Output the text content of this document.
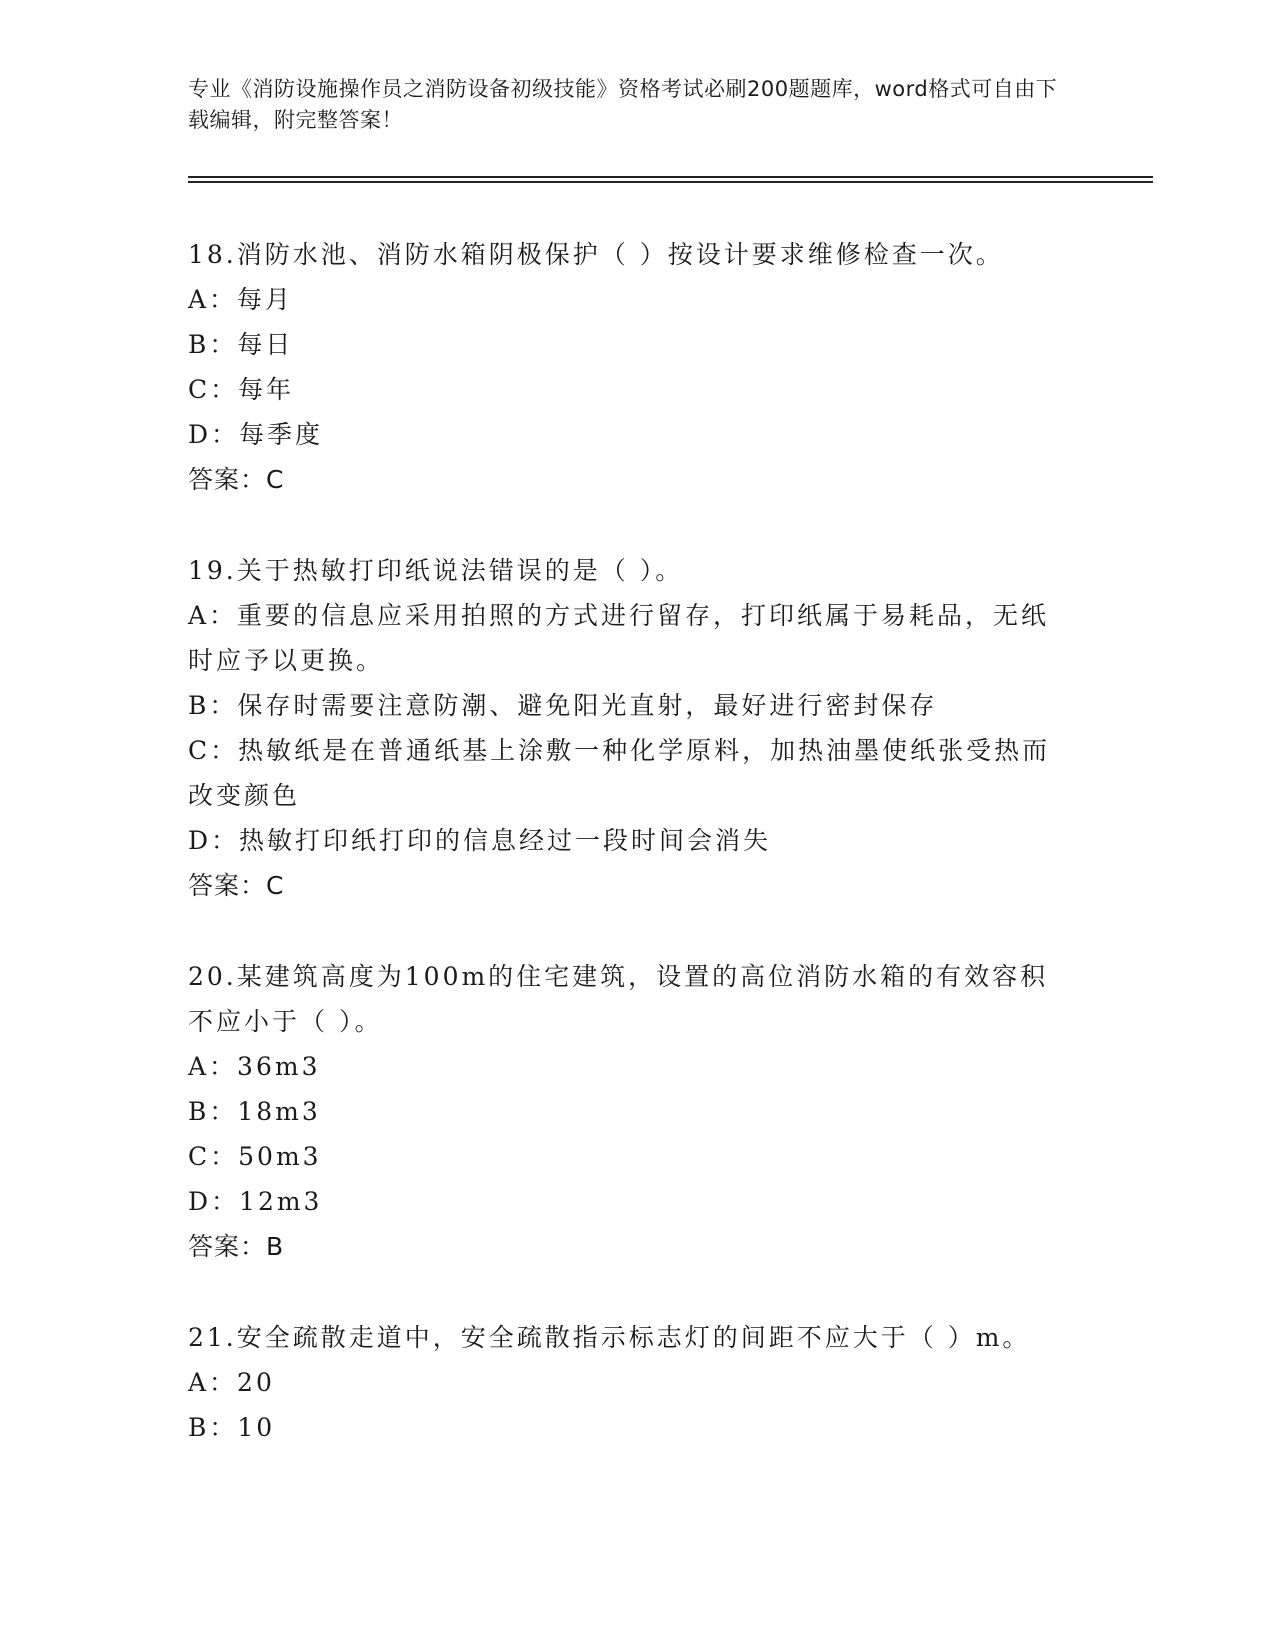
专业《消防设施操作员之消防设备初级技能》资格考试必刷200题题库，word格式可自由下载编辑，附完整答案！
18.消防水池、消防水箱阴极保护（ ）按设计要求维修检查一次。
A：每月
B：每日
C：每年
D：每季度
答案：C
19.关于热敏打印纸说法错误的是（ ）。
A：重要的信息应采用拍照的方式进行留存，打印纸属于易耗品，无纸
时应予以更换。
B：保存时需要注意防潮、避免阳光直射，最好进行密封保存
C：热敏纸是在普通纸基上涂敷一种化学原料，加热油墨使纸张受热而
改变颜色
D：热敏打印纸打印的信息经过一段时间会消失
答案：C
20.某建筑高度为100m的住宅建筑，设置的高位消防水箱的有效容积
不应小于（ ）。
A：36m3
B：18m3
C：50m3
D：12m3
答案：B
21.安全疏散走道中，安全疏散指示标志灯的间距不应大于（ ）m。
A：20
B：10
